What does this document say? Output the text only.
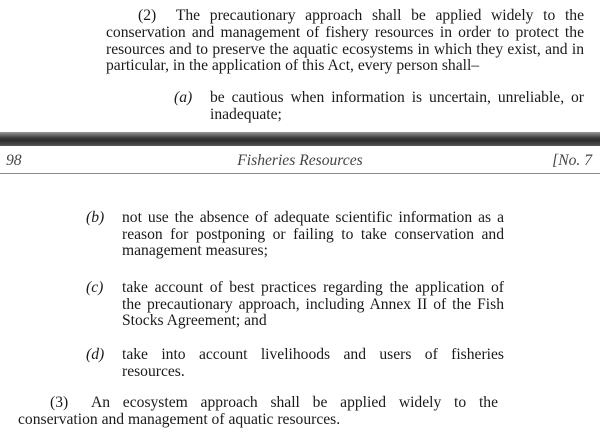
(2) The precautionary approach shall be applied widely to the
conservation and management of fishery resources in order to protect the resources and to preserve the aquatic ecosystems in which they exist, and in particular, in the application of this Act, every person shall–
(a) be cautious when information is uncertain, unreliable, or inadequate;
98	Fisheries Resources	[No. 7
(b) not use the absence of adequate scientific information as a reason for postponing or failing to take conservation and management measures;
(c) take account of best practices regarding the application of the precautionary approach, including Annex II of the Fish Stocks Agreement; and
(d) take into account livelihoods and users of fisheries resources.
(3) An ecosystem approach shall be applied widely to the
conservation and management of aquatic resources.
